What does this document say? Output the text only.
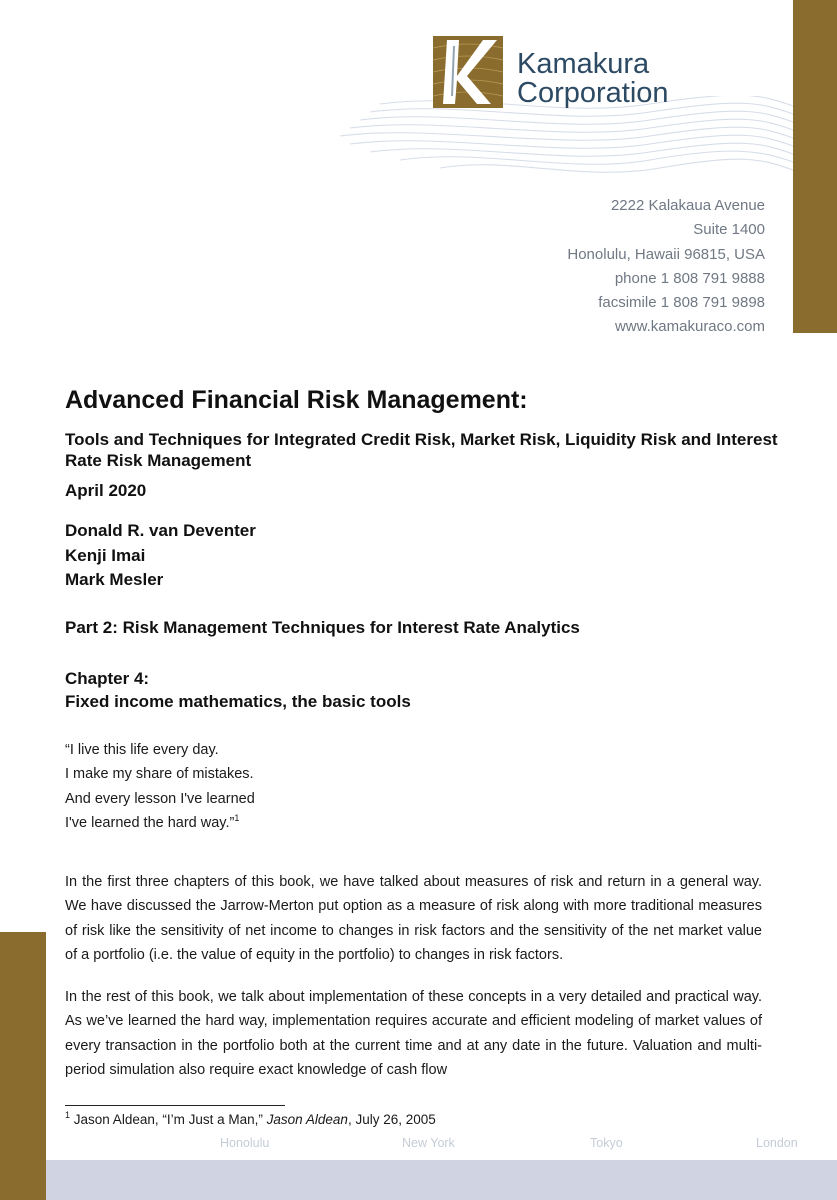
Kamakura
Corporation
2222 Kalakaua Avenue
Suite 1400
Honolulu, Hawaii 96815, USA
phone 1 808 791 9888
facsimile 1 808 791 9898
www.kamakuraco.com
Advanced Financial Risk Management:
Tools and Techniques for Integrated Credit Risk, Market Risk, Liquidity Risk and Interest Rate Risk Management
April 2020
Donald R. van Deventer
Kenji Imai
Mark Mesler
Part 2: Risk Management Techniques for Interest Rate Analytics
Chapter 4:
Fixed income mathematics, the basic tools
“I live this life every day.
I make my share of mistakes.
And every lesson I've learned
I've learned the hard way.”$^1$
In the first three chapters of this book, we have talked about measures of risk and return in a general way. We have discussed the Jarrow-Merton put option as a measure of risk along with more traditional measures of risk like the sensitivity of net income to changes in risk factors and the sensitivity of the net market value of a portfolio (i.e. the value of equity in the portfolio) to changes in risk factors.
In the rest of this book, we talk about implementation of these concepts in a very detailed and practical way. As we’ve learned the hard way, implementation requires accurate and efficient modeling of market values of every transaction in the portfolio both at the current time and at any date in the future. Valuation and multi-period simulation also require exact knowledge of cash flow
$^1$ Jason Aldean, “I’m Just a Man,” Jason Aldean, July 26, 2005
Honolulu	New York	Tokyo	London
